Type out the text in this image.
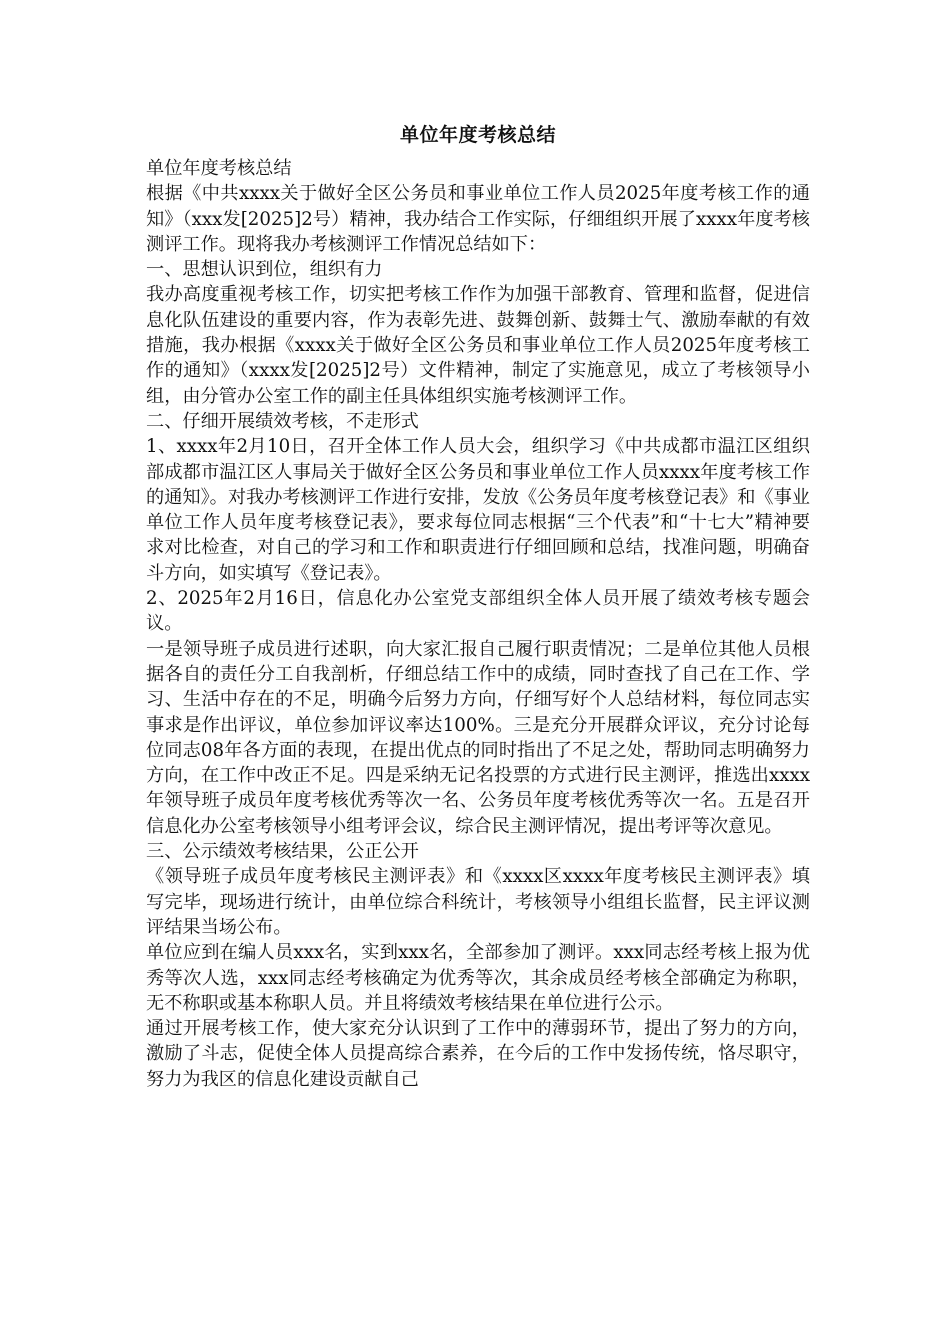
单位年度考核总结

单位年度考核总结

根据《中共xxxx关于做好全区公务员和事业单位工作人员2025年度考核工作的通知》（xxx发[2025]2号）精神，我办结合工作实际，仔细组织开展了xxxx年度考核测评工作。现将我办考核测评工作情况总结如下：

一、思想认识到位，组织有力

我办高度重视考核工作，切实把考核工作作为加强干部教育、管理和监督，促进信息化队伍建设的重要内容，作为表彰先进、鼓舞创新、鼓舞士气、激励奉献的有效措施，我办根据《xxxx关于做好全区公务员和事业单位工作人员2025年度考核工作的通知》（xxxx发[2025]2号）文件精神，制定了实施意见，成立了考核领导小组，由分管办公室工作的副主任具体组织实施考核测评工作。

二、仔细开展绩效考核，不走形式

1、xxxx年2月10日，召开全体工作人员大会，组织学习《中共成都市温江区组织部成都市温江区人事局关于做好全区公务员和事业单位工作人员xxxx年度考核工作的通知》。对我办考核测评工作进行安排，发放《公务员年度考核登记表》和《事业单位工作人员年度考核登记表》，要求每位同志根据“三个代表”和“十七大”精神要求对比检查，对自己的学习和工作和职责进行仔细回顾和总结，找准问题，明确奋斗方向，如实填写《登记表》。

2、2025年2月16日，信息化办公室党支部组织全体人员开展了绩效考核专题会议。

一是领导班子成员进行述职，向大家汇报自己履行职责情况；二是单位其他人员根据各自的责任分工自我剖析，仔细总结工作中的成绩，同时查找了自己在工作、学习、生活中存在的不足，明确今后努力方向，仔细写好个人总结材料，每位同志实事求是作出评议，单位参加评议率达100%。三是充分开展群众评议，充分讨论每位同志08年各方面的表现，在提出优点的同时指出了不足之处，帮助同志明确努力方向，在工作中改正不足。四是采纳无记名投票的方式进行民主测评，推选出xxxx年领导班子成员年度考核优秀等次一名、公务员年度考核优秀等次一名。五是召开信息化办公室考核领导小组考评会议，综合民主测评情况，提出考评等次意见。

三、公示绩效考核结果，公正公开

《领导班子成员年度考核民主测评表》和《xxxx区xxxx年度考核民主测评表》填写完毕，现场进行统计，由单位综合科统计，考核领导小组组长监督，民主评议测评结果当场公布。

单位应到在编人员xxx名，实到xxx名，全部参加了测评。xxx同志经考核上报为优秀等次人选，xxx同志经考核确定为优秀等次，其余成员经考核全部确定为称职，无不称职或基本称职人员。并且将绩效考核结果在单位进行公示。

通过开展考核工作，使大家充分认识到了工作中的薄弱环节，提出了努力的方向，激励了斗志，促使全体人员提高综合素养，在今后的工作中发扬传统，恪尽职守，努力为我区的信息化建设贡献自己
